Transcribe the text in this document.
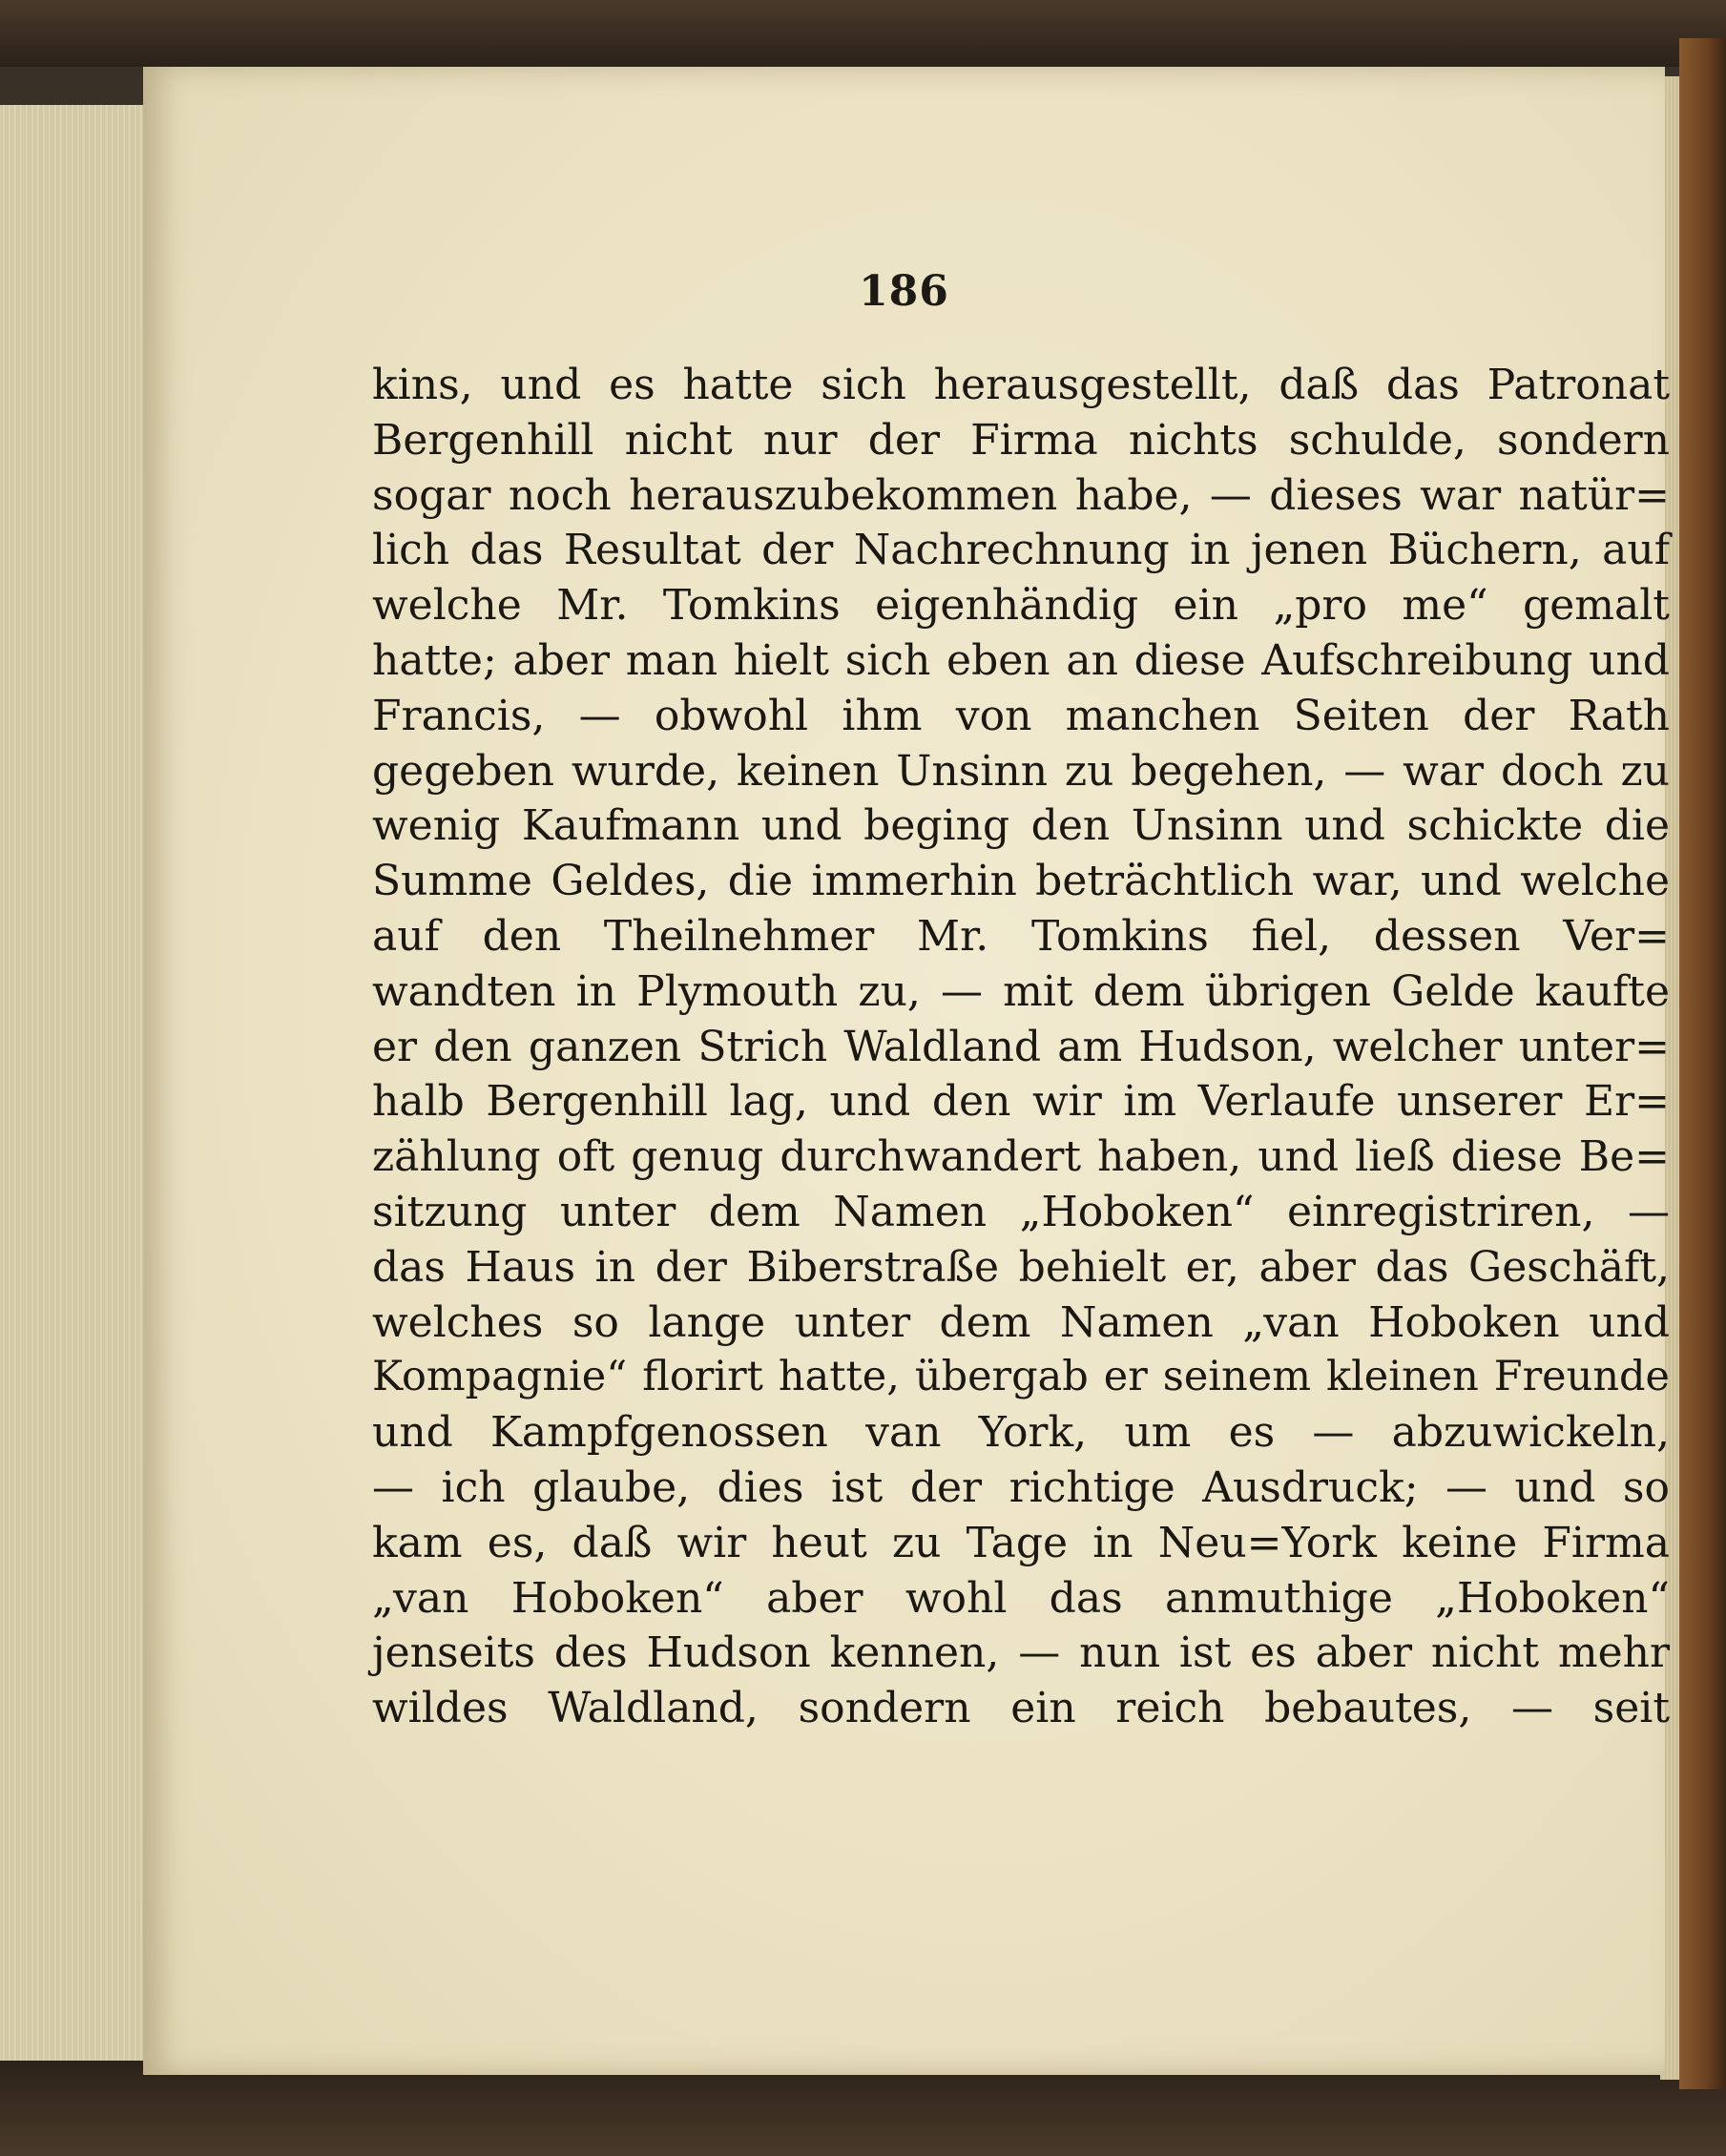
186
kins, und es hatte sich herausgestellt, daß das Patronat
Bergenhill nicht nur der Firma nichts schulde, sondern
sogar noch herauszubekommen habe, — dieses war natür=
lich das Resultat der Nachrechnung in jenen Büchern, auf
welche Mr. Tomkins eigenhändig ein „pro me“ gemalt
hatte; aber man hielt sich eben an diese Aufschreibung und
Francis, — obwohl ihm von manchen Seiten der Rath
gegeben wurde, keinen Unsinn zu begehen, — war doch zu
wenig Kaufmann und beging den Unsinn und schickte die
Summe Geldes, die immerhin beträchtlich war, und welche
auf den Theilnehmer Mr. Tomkins fiel, dessen Ver=
wandten in Plymouth zu, — mit dem übrigen Gelde kaufte
er den ganzen Strich Waldland am Hudson, welcher unter=
halb Bergenhill lag, und den wir im Verlaufe unserer Er=
zählung oft genug durchwandert haben, und ließ diese Be=
sitzung unter dem Namen „Hoboken“ einregistriren, —
das Haus in der Biberstraße behielt er, aber das Geschäft,
welches so lange unter dem Namen „van Hoboken und
Kompagnie“ florirt hatte, übergab er seinem kleinen Freunde
und Kampfgenossen van York, um es — abzuwickeln,
— ich glaube, dies ist der richtige Ausdruck; — und so
kam es, daß wir heut zu Tage in Neu=York keine Firma
„van Hoboken“ aber wohl das anmuthige „Hoboken“
jenseits des Hudson kennen, — nun ist es aber nicht mehr
wildes Waldland, sondern ein reich bebautes, — seit
